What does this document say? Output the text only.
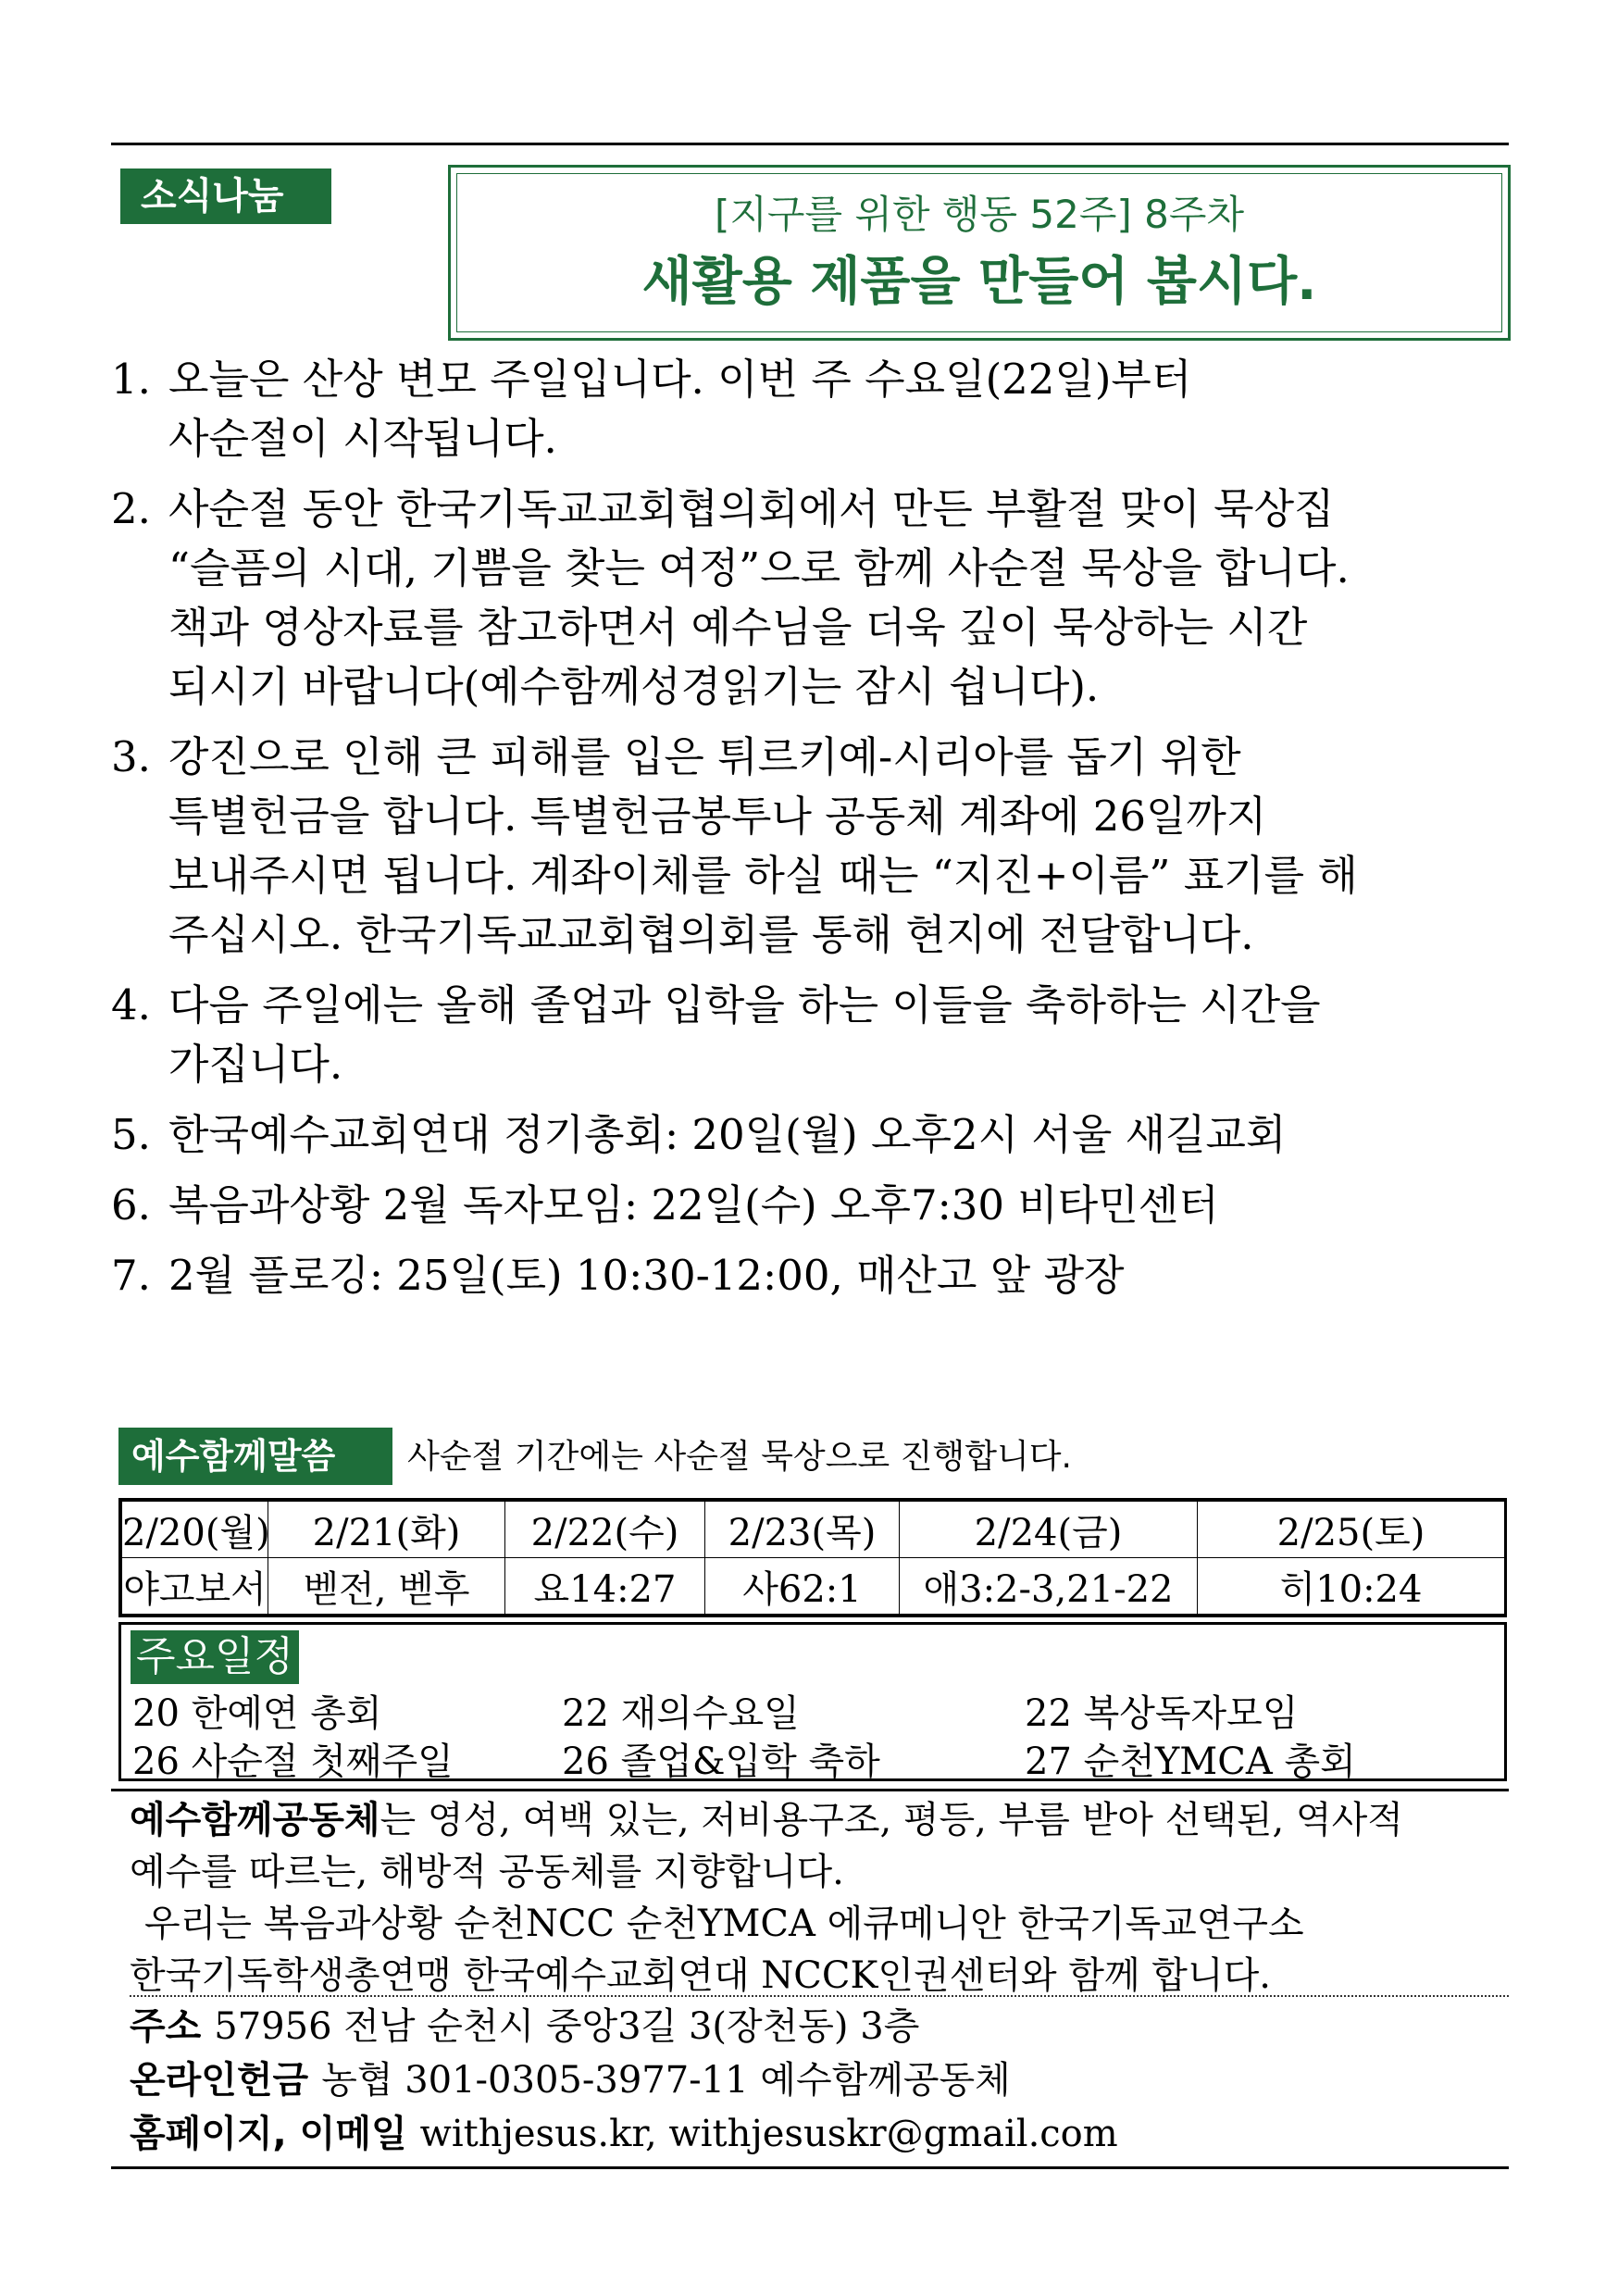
소식나눔	[지구를 위한 행동 52주] 8주차
새활용 제품을 만들어 봅시다.
1. 오늘은 산상 변모 주일입니다. 이번 주 수요일(22일)부터
사순절이 시작됩니다.
2. 사순절 동안 한국기독교교회협의회에서 만든 부활절 맞이 묵상집
“슬픔의 시대, 기쁨을 찾는 여정”으로 함께 사순절 묵상을 합니다.
책과 영상자료를 참고하면서 예수님을 더욱 깊이 묵상하는 시간
되시기 바랍니다(예수함께성경읽기는 잠시 쉽니다).
3. 강진으로 인해 큰 피해를 입은 튀르키예-시리아를 돕기 위한
특별헌금을 합니다. 특별헌금봉투나 공동체 계좌에 26일까지
보내주시면 됩니다. 계좌이체를 하실 때는 “지진+이름” 표기를 해
주십시오. 한국기독교교회협의회를 통해 현지에 전달합니다.
4. 다음 주일에는 올해 졸업과 입학을 하는 이들을 축하하는 시간을
가집니다.
5. 한국예수교회연대 정기총회: 20일(월) 오후2시 서울 새길교회
6. 복음과상황 2월 독자모임: 22일(수) 오후7:30 비타민센터
7. 2월 플로깅: 25일(토) 10:30-12:00, 매산고 앞 광장
예수함께말씀	사순절 기간에는 사순절 묵상으로 진행합니다.
2/20(월)	2/21(화)	2/22(수)	2/23(목)	2/24(금)	2/25(토)
야고보서	벧전, 벧후	요14:27	사62:1	애3:2-3,21-22	히10:24
주요일정
20 한예연 총회	22 재의수요일	22 복상독자모임
26 사순절 첫째주일	26 졸업&입학 축하	27 순천YMCA 총회

예수함께공동체는 영성, 여백 있는, 저비용구조, 평등, 부름 받아 선택된, 역사적

예수를 따르는, 해방적 공동체를 지향합니다.

우리는 복음과상황 순천NCC 순천YMCA 에큐메니안 한국기독교연구소

한국기독학생총연맹 한국예수교회연대 NCCK인권센터와 함께 합니다.

주소 57956 전남 순천시 중앙3길 3(장천동) 3층

온라인헌금 농협 301-0305-3977-11 예수함께공동체

홈페이지, 이메일 withjesus.kr, withjesuskr@gmail.com
